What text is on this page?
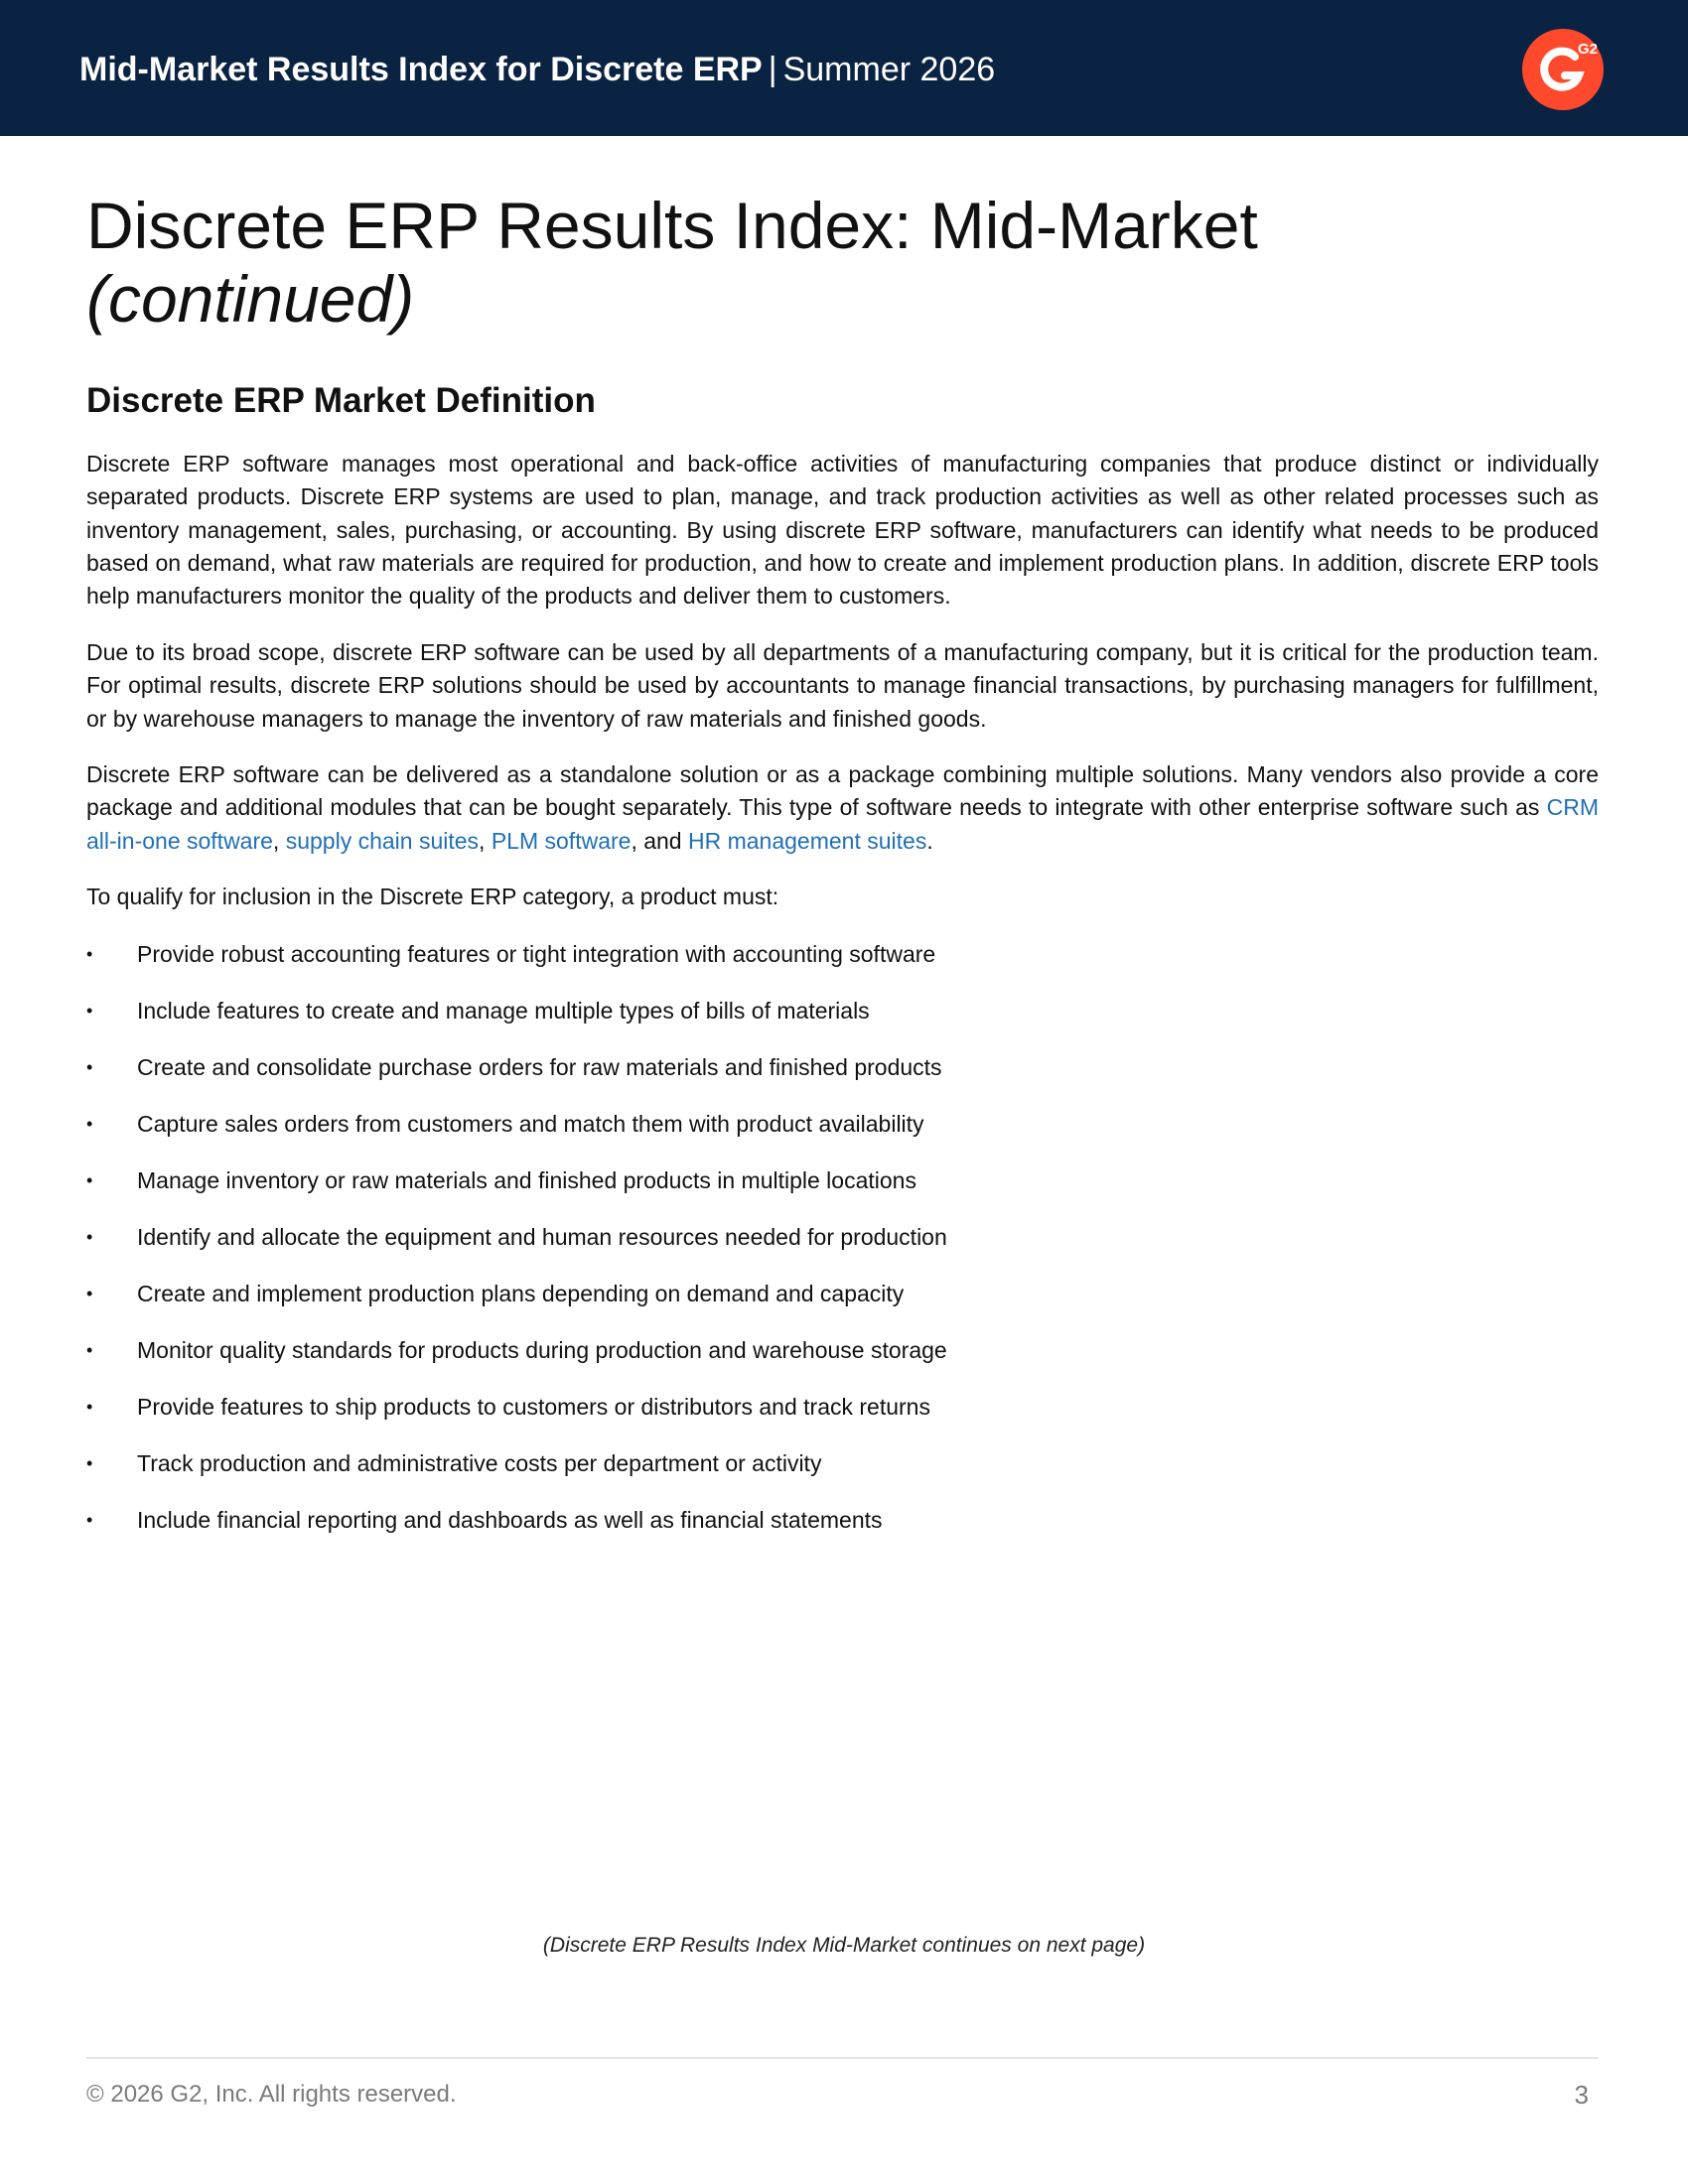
Mid-Market Results Index for Discrete ERP | Summer 2026
G2
Discrete ERP Results Index: Mid-Market
(continued)
Discrete ERP Market Definition

Discrete ERP software manages most operational and back-office activities of manufacturing companies that produce distinct or individually separated products. Discrete ERP systems are used to plan, manage, and track production activities as well as other related processes such as inventory management, sales, purchasing, or accounting. By using discrete ERP software, manufacturers can identify what needs to be produced based on demand, what raw materials are required for production, and how to create and implement production plans. In addition, discrete ERP tools help manufacturers monitor the quality of the products and deliver them to customers.

Due to its broad scope, discrete ERP software can be used by all departments of a manufacturing company, but it is critical for the production team. For optimal results, discrete ERP solutions should be used by accountants to manage financial transactions, by purchasing managers for fulfillment, or by warehouse managers to manage the inventory of raw materials and finished goods.

Discrete ERP software can be delivered as a standalone solution or as a package combining multiple solutions. Many vendors also provide a core package and additional modules that can be bought separately. This type of software needs to integrate with other enterprise software such as CRM all-in-one software, supply chain suites, PLM software, and HR management suites.

To qualify for inclusion in the Discrete ERP category, a product must:

•	Provide robust accounting features or tight integration with accounting software
•	Include features to create and manage multiple types of bills of materials
•	Create and consolidate purchase orders for raw materials and finished products
•	Capture sales orders from customers and match them with product availability
•	Manage inventory or raw materials and finished products in multiple locations
•	Identify and allocate the equipment and human resources needed for production
•	Create and implement production plans depending on demand and capacity
•	Monitor quality standards for products during production and warehouse storage
•	Provide features to ship products to customers or distributors and track returns
•	Track production and administrative costs per department or activity
•	Include financial reporting and dashboards as well as financial statements
(Discrete ERP Results Index Mid-Market continues on next page)
© 2026 G2, Inc. All rights reserved.	3
